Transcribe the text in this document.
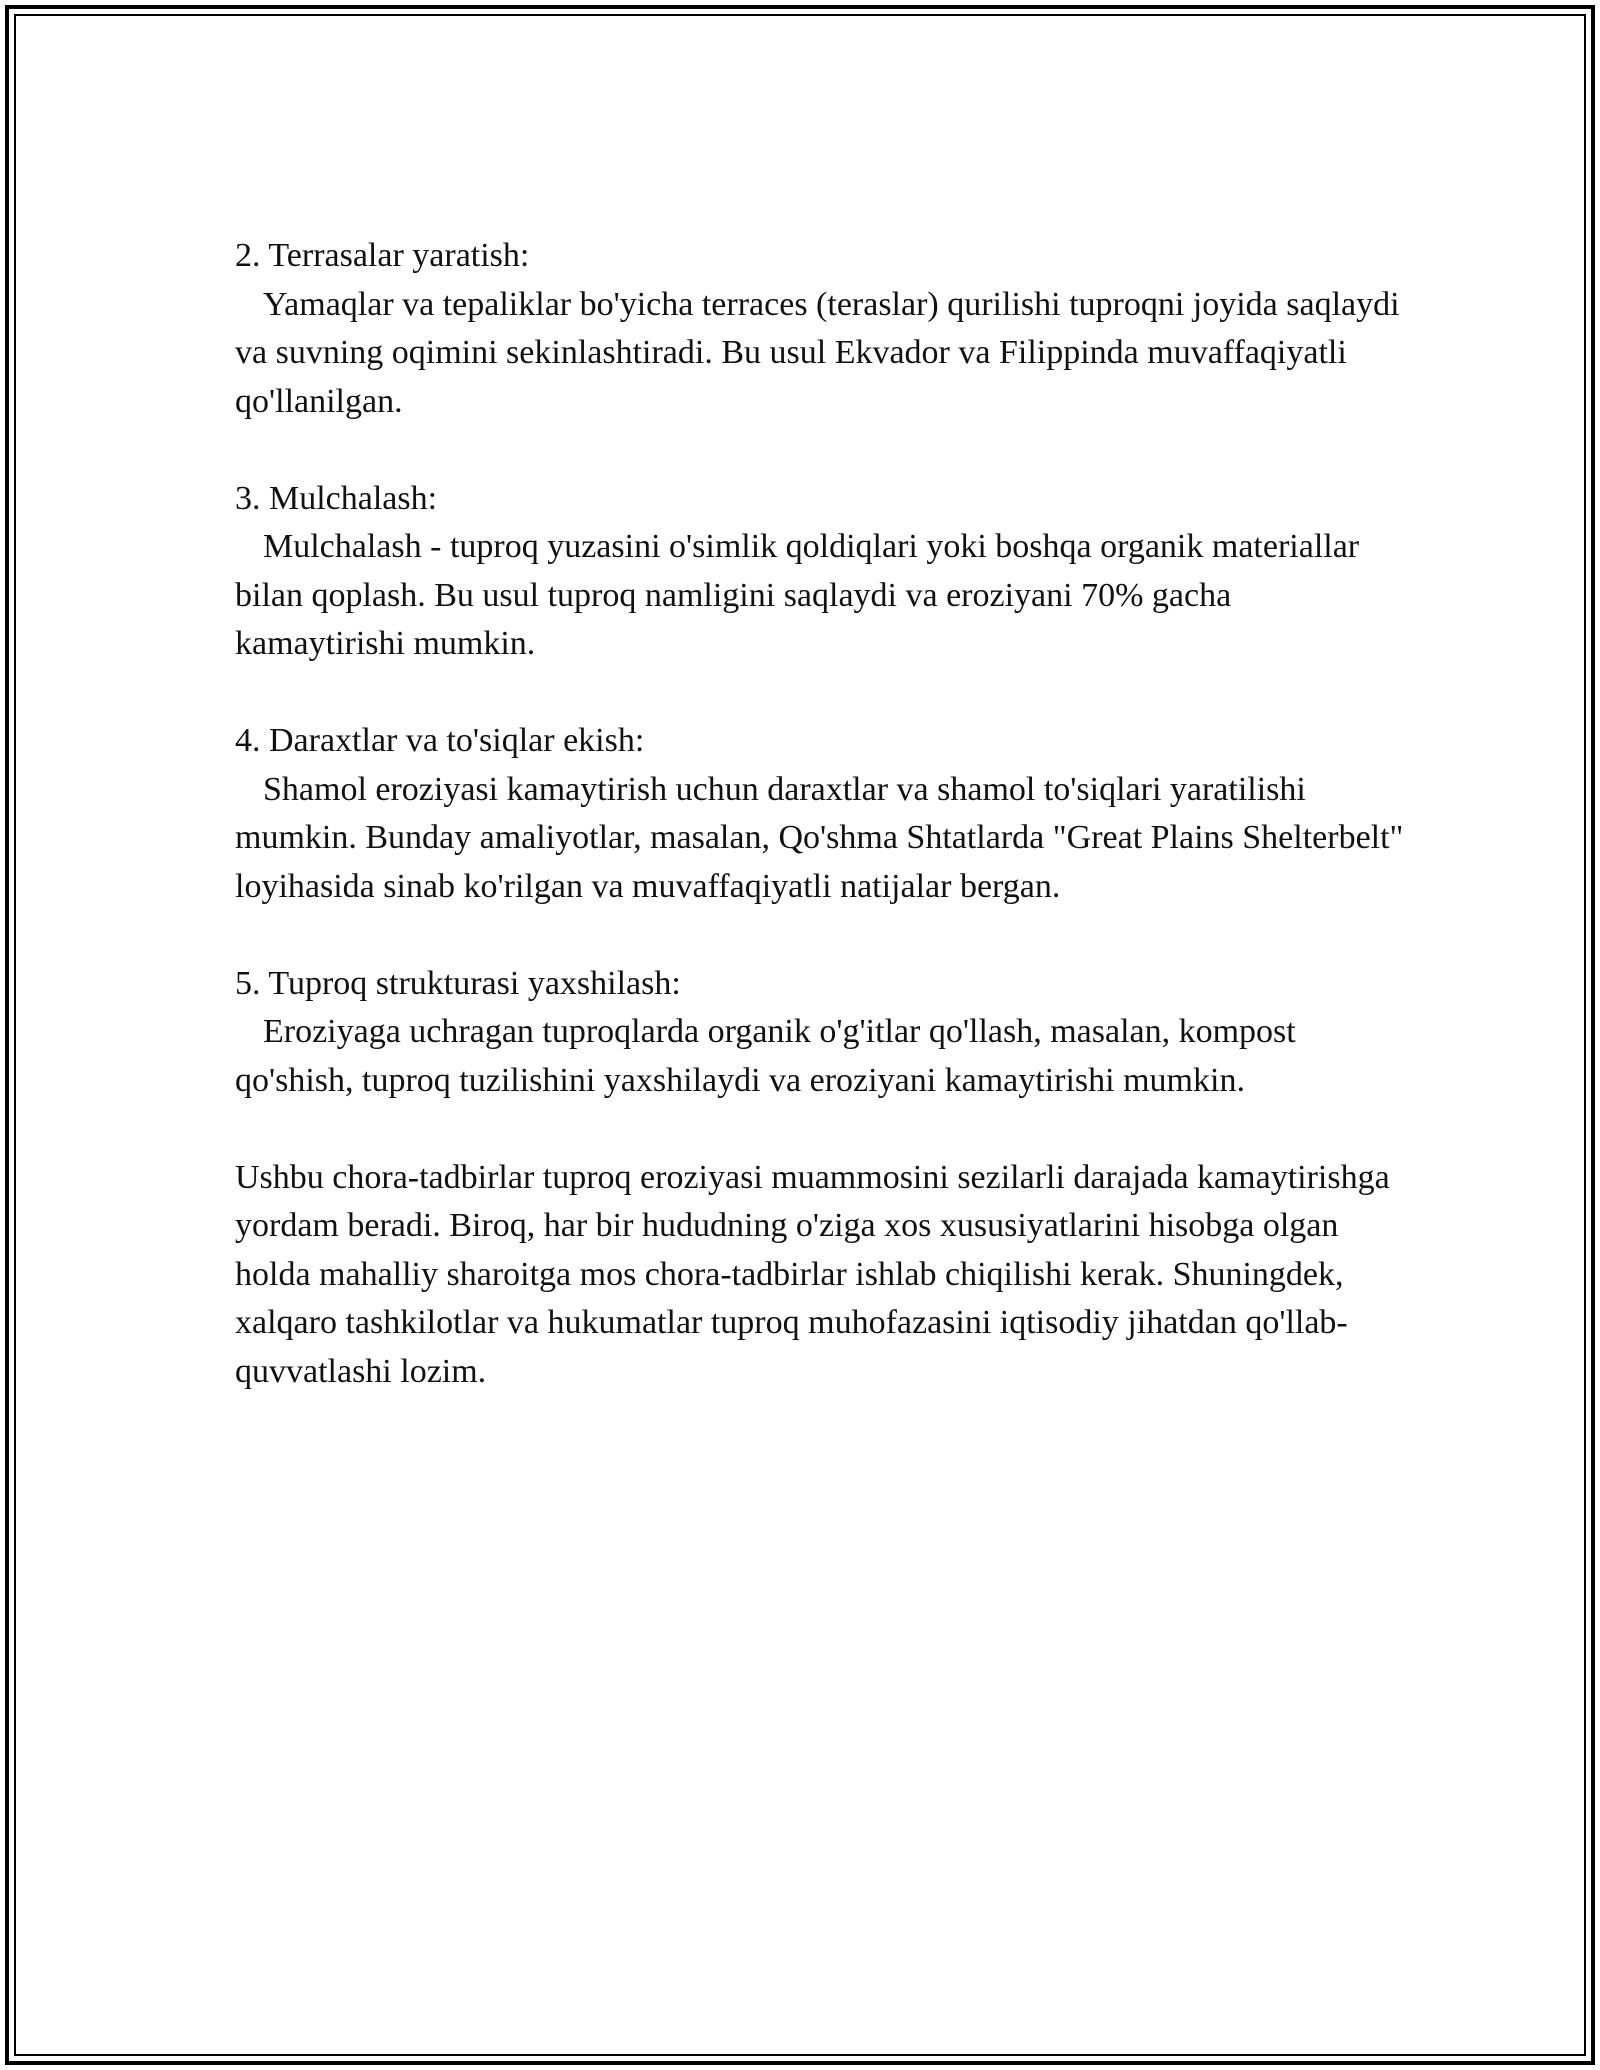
2. Terrasalar yaratish:

Yamaqlar va tepaliklar bo'yicha terraces (teraslar) qurilishi tuproqni joyida saqlaydi va suvning oqimini sekinlashtiradi. Bu usul Ekvador va Filippinda muvaffaqiyatli qo'llanilgan.

3. Mulchalash:

Mulchalash - tuproq yuzasini o'simlik qoldiqlari yoki boshqa organik materiallar bilan qoplash. Bu usul tuproq namligini saqlaydi va eroziyani 70% gacha kamaytirishi mumkin.

4. Daraxtlar va to'siqlar ekish:

Shamol eroziyasi kamaytirish uchun daraxtlar va shamol to'siqlari yaratilishi mumkin. Bunday amaliyotlar, masalan, Qo'shma Shtatlarda "Great Plains Shelterbelt" loyihasida sinab ko'rilgan va muvaffaqiyatli natijalar bergan.

5. Tuproq strukturasi yaxshilash:

Eroziyaga uchragan tuproqlarda organik o'g'itlar qo'llash, masalan, kompost qo'shish, tuproq tuzilishini yaxshilaydi va eroziyani kamaytirishi mumkin.

Ushbu chora-tadbirlar tuproq eroziyasi muammosini sezilarli darajada kamaytirishga yordam beradi. Biroq, har bir hududning o'ziga xos xususiyatlarini hisobga olgan holda mahalliy sharoitga mos chora-tadbirlar ishlab chiqilishi kerak. Shuningdek, xalqaro tashkilotlar va hukumatlar tuproq muhofazasini iqtisodiy jihatdan qo'llab-quvvatlashi lozim.
